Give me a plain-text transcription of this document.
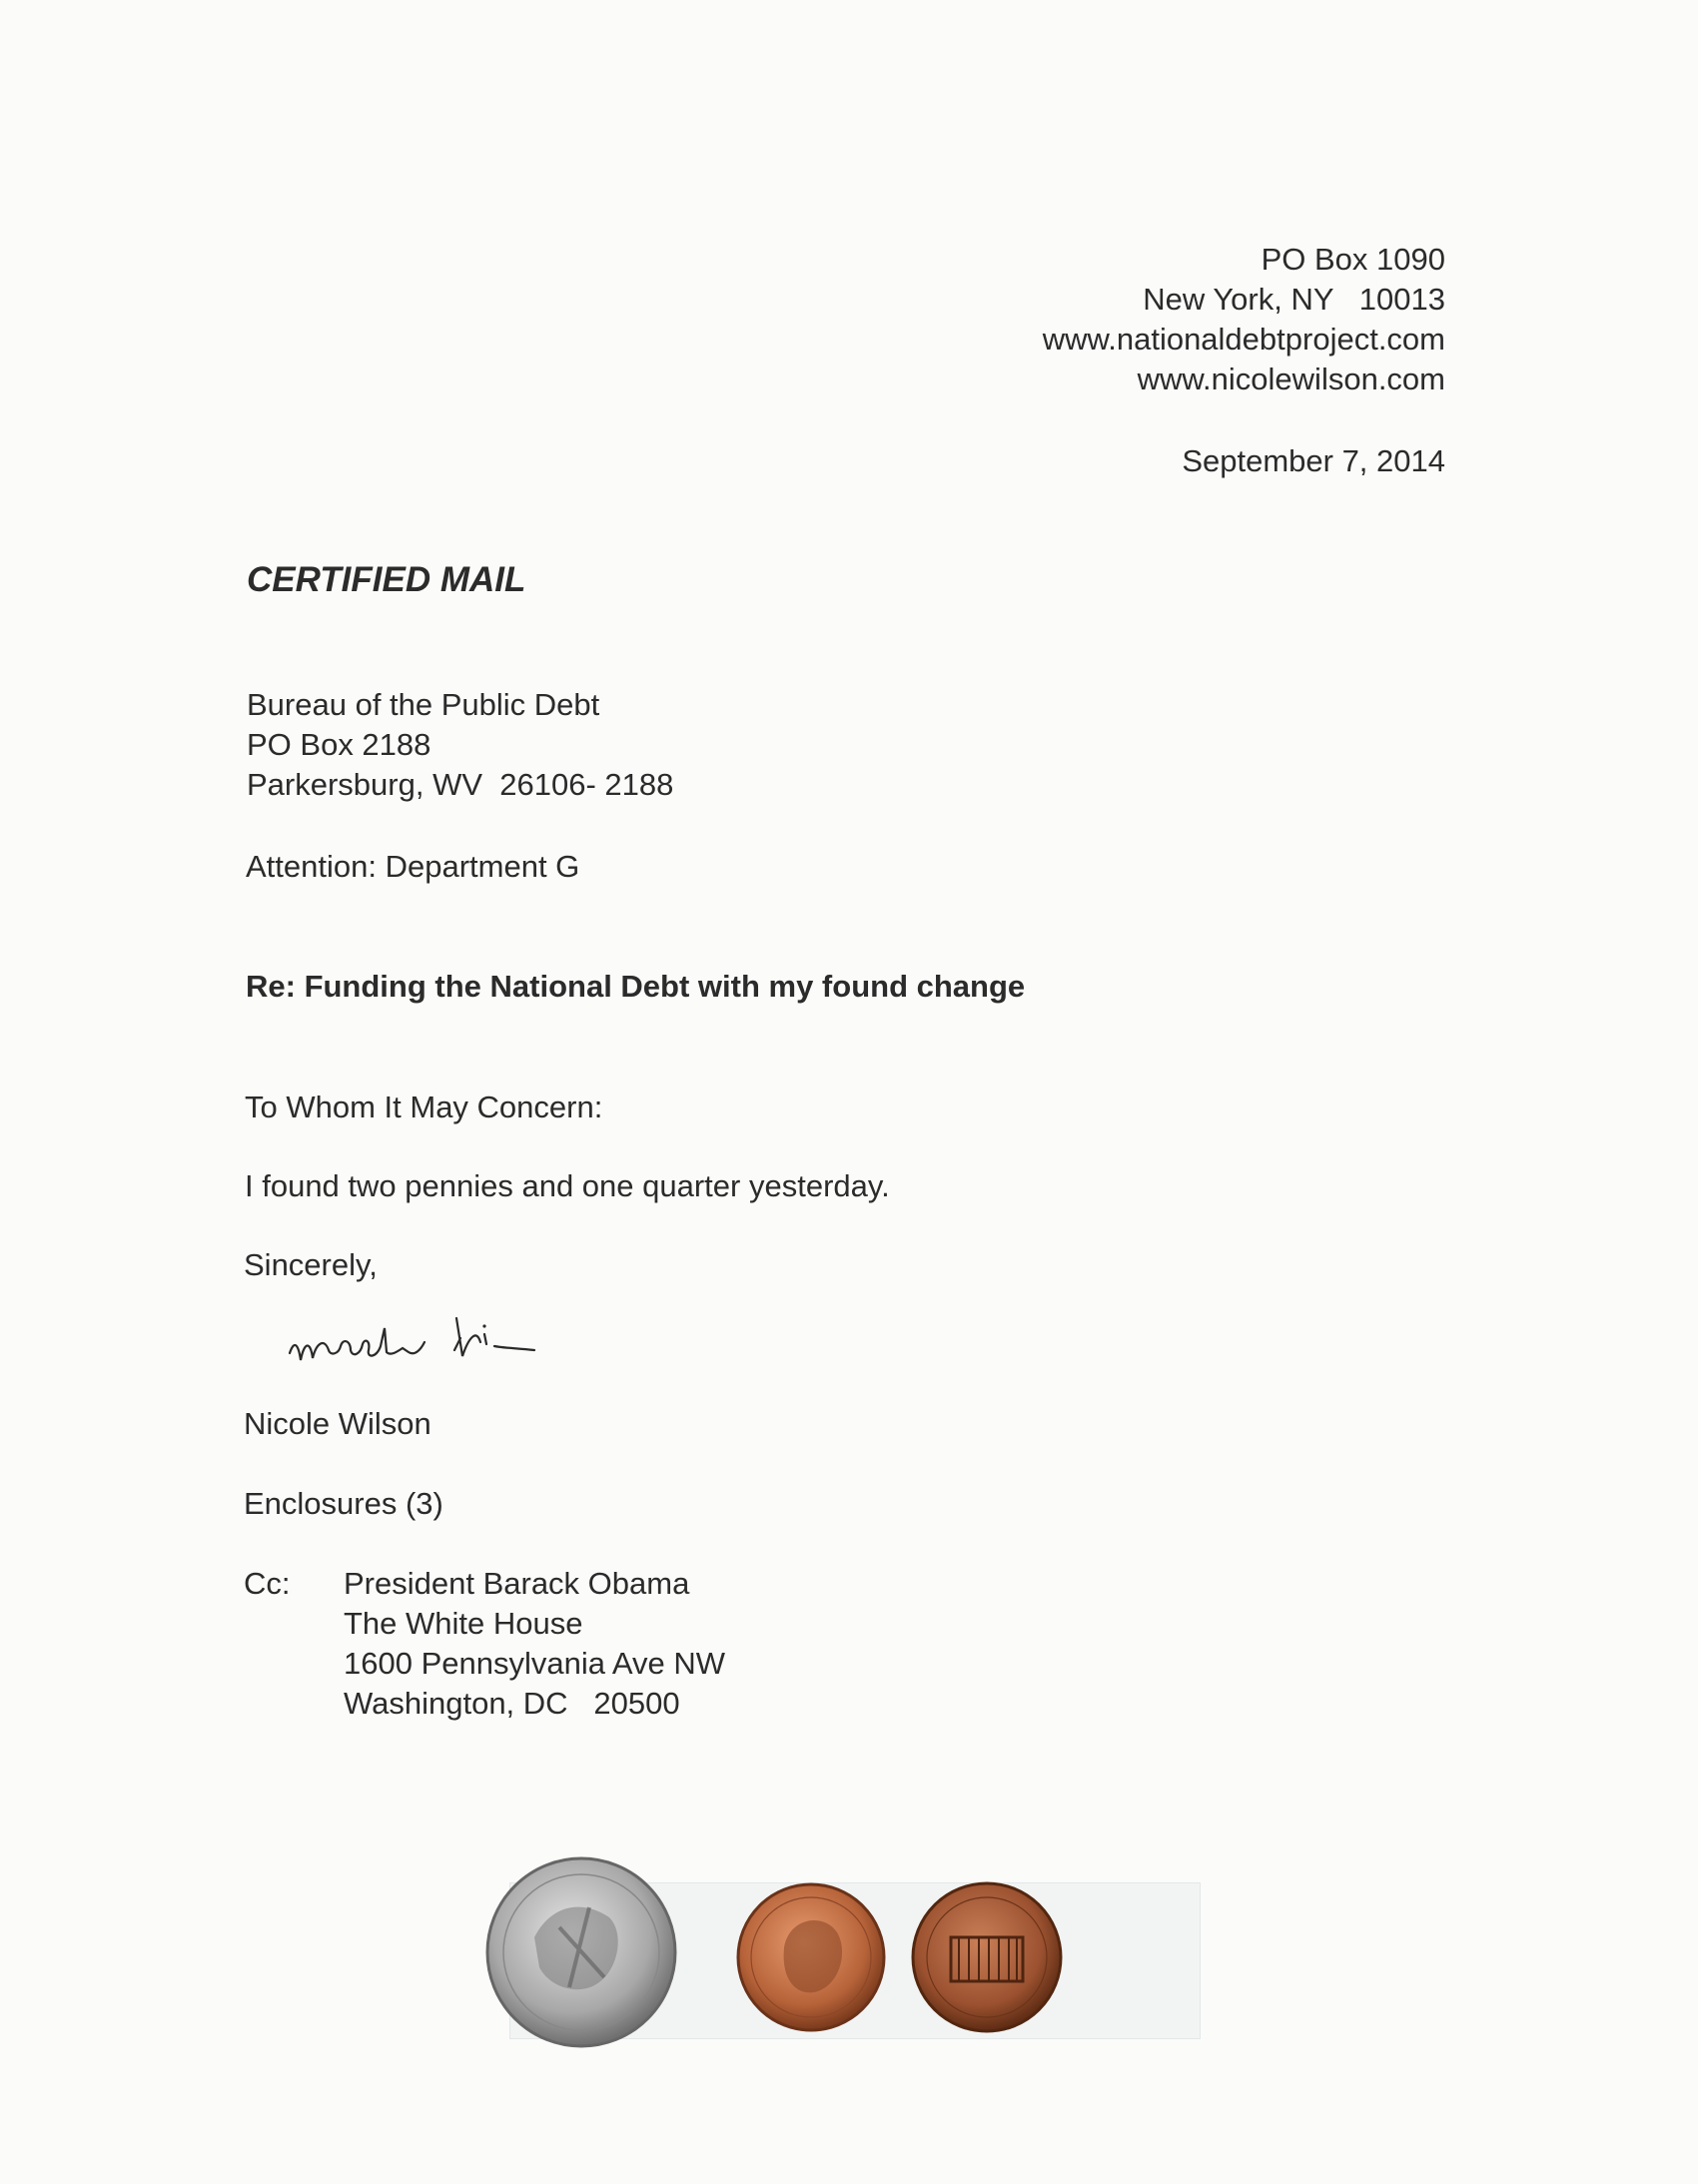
PO Box 1090
New York, NY   10013
www.nationaldebtproject.com
www.nicolewilson.com
September 7, 2014
CERTIFIED MAIL
Bureau of the Public Debt
PO Box 2188
Parkersburg, WV  26106- 2188
Attention: Department G
Re: Funding the National Debt with my found change
To Whom It May Concern:
I found two pennies and one quarter yesterday.
Sincerely,
Nicole Wilson
Enclosures (3)
Cc: President Barack Obama
The White House
1600 Pennsylvania Ave NW
Washington, DC   20500
